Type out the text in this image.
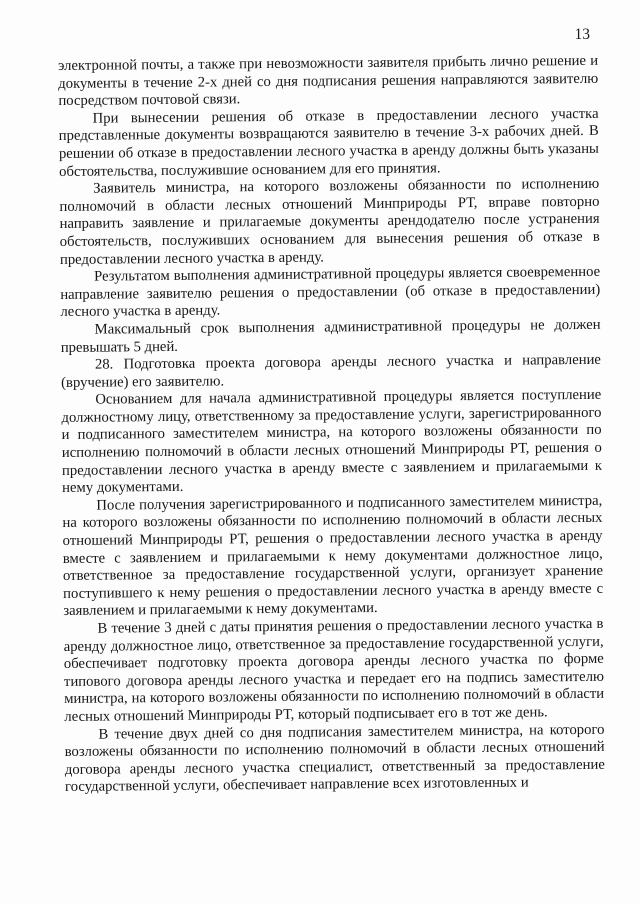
13

электронной почты, а также при невозможности заявителя прибыть лично решение и документы в течение 2-х дней со дня подписания решения направляются заявителю посредством почтовой связи.

При вынесении решения об отказе в предоставлении лесного участка представленные документы возвращаются заявителю в течение 3-х рабочих дней. В решении об отказе в предоставлении лесного участка в аренду должны быть указаны обстоятельства, послужившие основанием для его принятия.

Заявитель министра, на которого возложены обязанности по исполнению полномочий в области лесных отношений Минприроды РТ, вправе повторно направить заявление и прилагаемые документы арендодателю после устранения обстоятельств, послуживших основанием для вынесения решения об отказе в предоставлении лесного участка в аренду.

Результатом выполнения административной процедуры является своевременное направление заявителю решения о предоставлении (об отказе в предоставлении) лесного участка в аренду.

Максимальный срок выполнения административной процедуры не должен превышать 5 дней.

28. Подготовка проекта договора аренды лесного участка и направление (вручение) его заявителю.

Основанием для начала административной процедуры является поступление должностному лицу, ответственному за предоставление услуги, зарегистрированного и подписанного заместителем министра, на которого возложены обязанности по исполнению полномочий в области лесных отношений Минприроды РТ, решения о предоставлении лесного участка в аренду вместе с заявлением и прилагаемыми к нему документами.

После получения зарегистрированного и подписанного заместителем министра, на которого возложены обязанности по исполнению полномочий в области лесных отношений Минприроды РТ, решения о предоставлении лесного участка в аренду вместе с заявлением и прилагаемыми к нему документами должностное лицо, ответственное за предоставление государственной услуги, организует хранение поступившего к нему решения о предоставлении лесного участка в аренду вместе с заявлением и прилагаемыми к нему документами.

В течение 3 дней с даты принятия решения о предоставлении лесного участка в аренду должностное лицо, ответственное за предоставление государственной услуги, обеспечивает подготовку проекта договора аренды лесного участка по форме типового договора аренды лесного участка и передает его на подпись заместителю министра, на которого возложены обязанности по исполнению полномочий в области лесных отношений Минприроды РТ, который подписывает его в тот же день.

В течение двух дней со дня подписания заместителем министра, на которого возложены обязанности по исполнению полномочий в области лесных отношений договора аренды лесного участка специалист, ответственный за предоставление государственной услуги, обеспечивает направление всех изготовленных и
